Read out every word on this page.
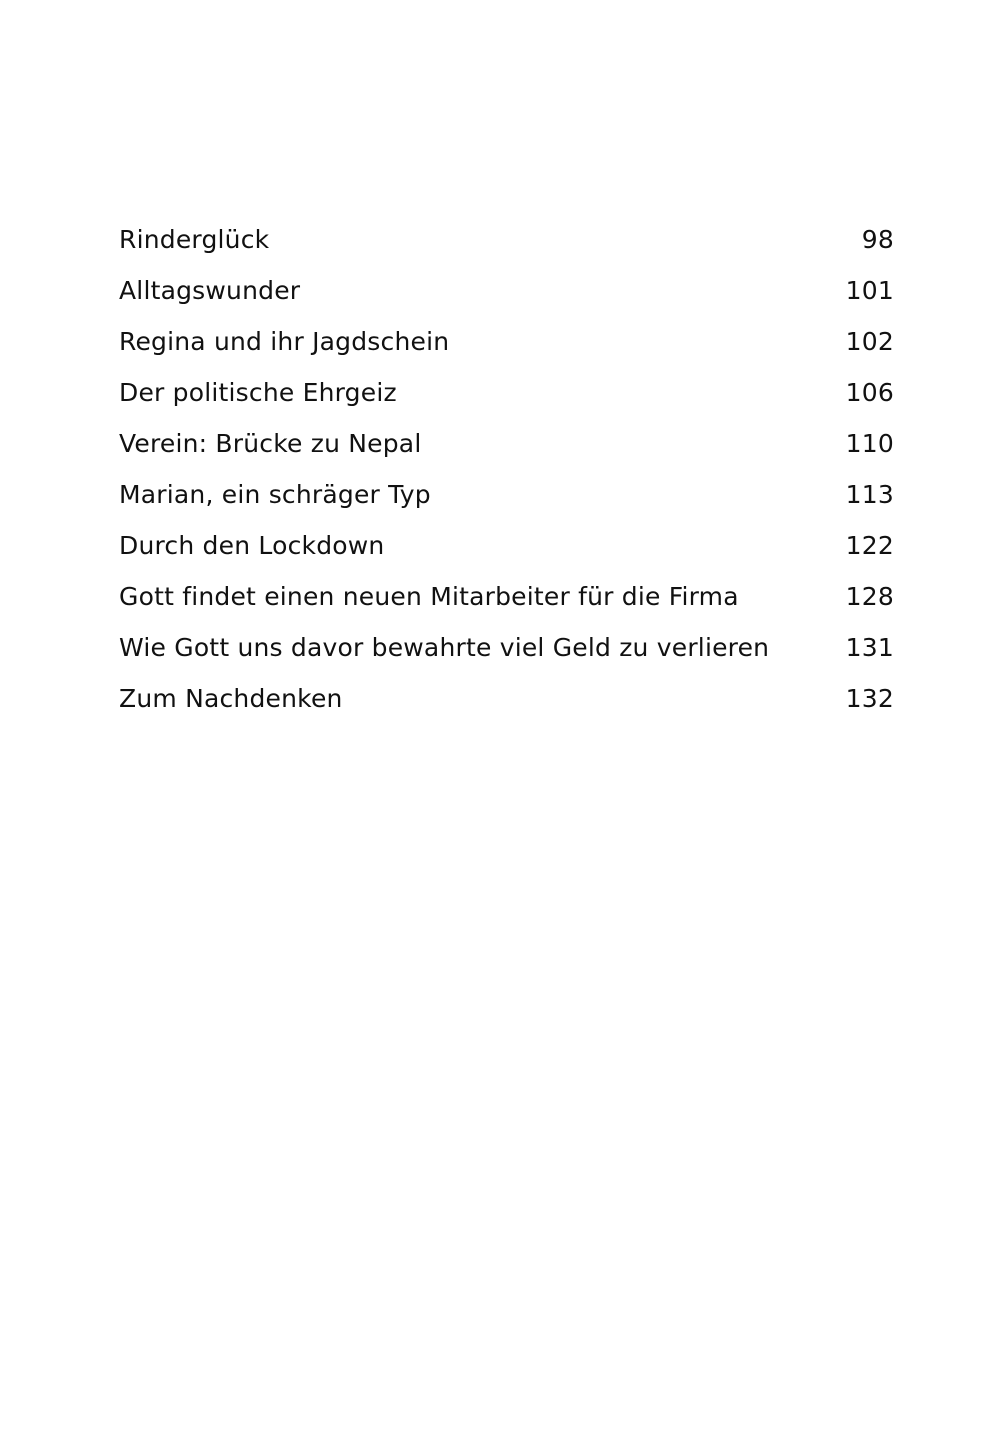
Rinderglück	98
Alltagswunder	101
Regina und ihr Jagdschein	102
Der politische Ehrgeiz	106
Verein: Brücke zu Nepal	110
Marian, ein schräger Typ	113
Durch den Lockdown	122
Gott findet einen neuen Mitarbeiter für die Firma	128
Wie Gott uns davor bewahrte viel Geld zu verlieren	131
Zum Nachdenken	132
